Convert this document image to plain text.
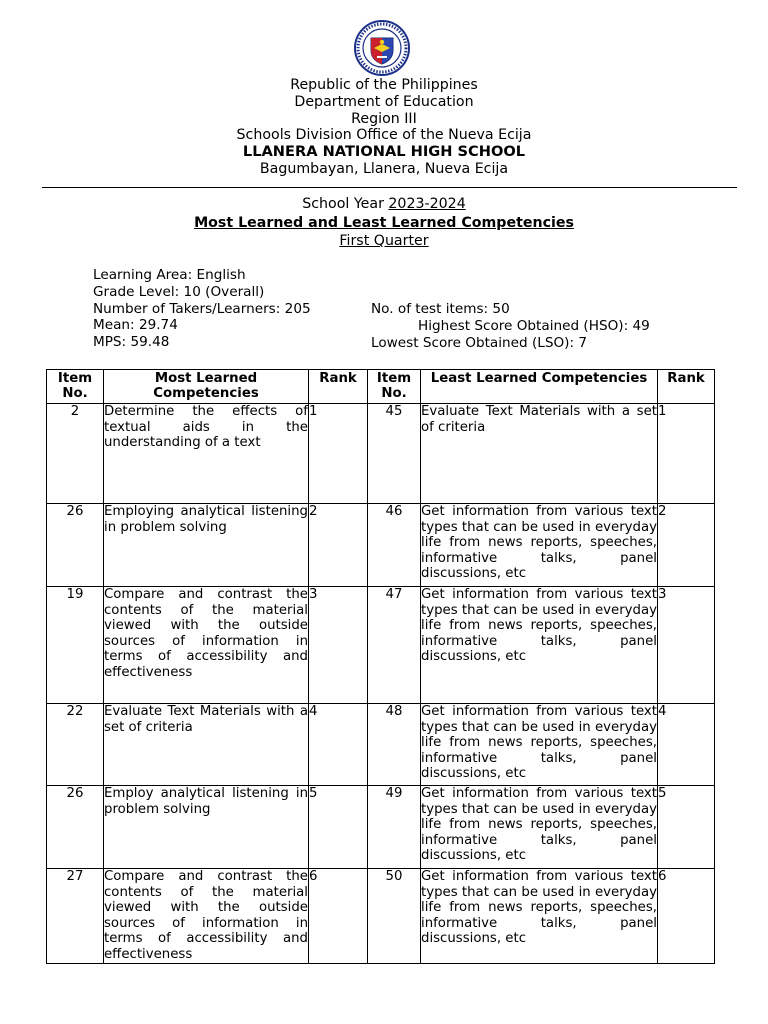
Republic of the Philippines
Department of Education
Region III
Schools Division Office of the Nueva Ecija
LLANERA NATIONAL HIGH SCHOOL
Bagumbayan, Llanera, Nueva Ecija
School Year 2023-2024
Most Learned and Least Learned Competencies
First Quarter
Learning Area: English
Grade Level: 10 (Overall)
Number of Takers/Learners: 205
Mean: 29.74
MPS: 59.48
No. of test items: 50
Highest Score Obtained (HSO): 49
Lowest Score Obtained (LSO): 7
Item No.	Most Learned Competencies	Rank	Item No.	Least Learned Competencies	Rank
2	Determine the effects of textual aids in the understanding of a text	1	45	Evaluate Text Materials with a set of criteria	1
26	Employing analytical listening in problem solving	2	46	Get information from various text types that can be used in everyday life from news reports, speeches, informative talks, panel discussions, etc	2
19	Compare and contrast the contents of the material viewed with the outside sources of information in terms of accessibility and effectiveness	3	47	Get information from various text types that can be used in everyday life from news reports, speeches, informative talks, panel discussions, etc	3
22	Evaluate Text Materials with a set of criteria	4	48	Get information from various text types that can be used in everyday life from news reports, speeches, informative talks, panel discussions, etc	4
26	Employ analytical listening in problem solving	5	49	Get information from various text types that can be used in everyday life from news reports, speeches, informative talks, panel discussions, etc	5
27	Compare and contrast the contents of the material viewed with the outside sources of information in terms of accessibility and effectiveness	6	50	Get information from various text types that can be used in everyday life from news reports, speeches, informative talks, panel discussions, etc	6
